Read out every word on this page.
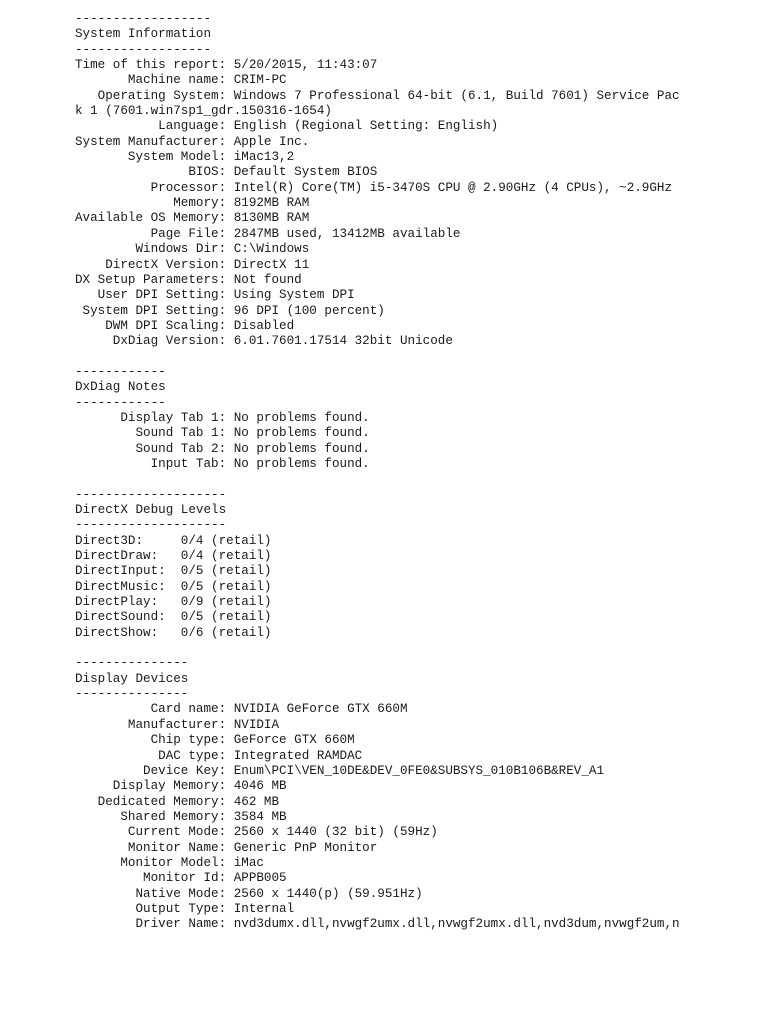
------------------
System Information
------------------
Time of this report: 5/20/2015, 11:43:07
Machine name: CRIM-PC
Operating System: Windows 7 Professional 64-bit (6.1, Build 7601) Service Pac
k 1 (7601.win7sp1_gdr.150316-1654)
Language: English (Regional Setting: English)
System Manufacturer: Apple Inc.
System Model: iMac13,2
BIOS: Default System BIOS
Processor: Intel(R) Core(TM) i5-3470S CPU @ 2.90GHz (4 CPUs), ~2.9GHz
Memory: 8192MB RAM
Available OS Memory: 8130MB RAM
Page File: 2847MB used, 13412MB available
Windows Dir: C:\Windows
DirectX Version: DirectX 11
DX Setup Parameters: Not found
User DPI Setting: Using System DPI
System DPI Setting: 96 DPI (100 percent)
DWM DPI Scaling: Disabled
DxDiag Version: 6.01.7601.17514 32bit Unicode
------------
DxDiag Notes
------------
Display Tab 1: No problems found.
Sound Tab 1: No problems found.
Sound Tab 2: No problems found.
Input Tab: No problems found.
--------------------
DirectX Debug Levels
--------------------
Direct3D:     0/4 (retail)
DirectDraw:   0/4 (retail)
DirectInput:  0/5 (retail)
DirectMusic:  0/5 (retail)
DirectPlay:   0/9 (retail)
DirectSound:  0/5 (retail)
DirectShow:   0/6 (retail)
---------------
Display Devices
---------------
Card name: NVIDIA GeForce GTX 660M
Manufacturer: NVIDIA
Chip type: GeForce GTX 660M
DAC type: Integrated RAMDAC
Device Key: Enum\PCI\VEN_10DE&DEV_0FE0&SUBSYS_010B106B&REV_A1
Display Memory: 4046 MB
Dedicated Memory: 462 MB
Shared Memory: 3584 MB
Current Mode: 2560 x 1440 (32 bit) (59Hz)
Monitor Name: Generic PnP Monitor
Monitor Model: iMac
Monitor Id: APPB005
Native Mode: 2560 x 1440(p) (59.951Hz)
Output Type: Internal
Driver Name: nvd3dumx.dll,nvwgf2umx.dll,nvwgf2umx.dll,nvd3dum,nvwgf2um,n
